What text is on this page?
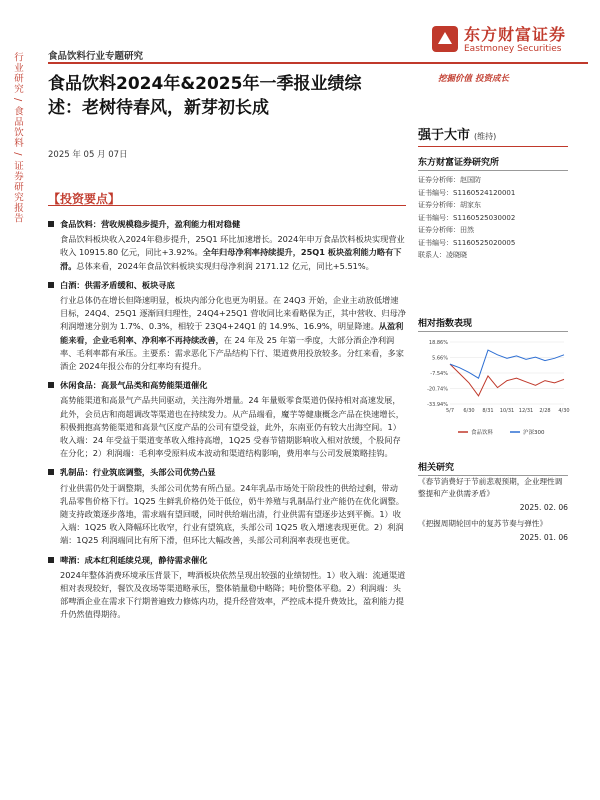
行业研究 / 食品饮料 / 证券研究报告	食品饮料行业专题研究
东方财富证券
Eastmoney Securities
挖掘价值 投资成长
食品饮料2024年&2025年一季报业绩综述：老树待春风，新芽初长成
2025 年 05 月 07日
【投资要点】
食品饮料：营收规模稳步提升，盈利能力相对稳健
食品饮料板块收入2024年稳步提升，25Q1 环比加速增长。2024年申万食品饮料板块实现营业收入 10915.80 亿元，同比+3.92%。全年归母净利率持续提升，25Q1 板块盈利能力略有下滑。总体来看，2024年食品饮料板块实现归母净利润 2171.12 亿元，同比+5.51%。
白酒：供需矛盾缓和、板块寻底
行业总体仍在增长但降速明显，板块内部分化也更为明显。在 24Q3 开始，企业主动放低增速目标，24Q4、25Q1 逐渐回归理性，24Q4+25Q1 营收同比来看略保为正，其中营收、归母净利润增速分别为 1.7%、0.3%，相较于 23Q4+24Q1 的 14.9%、16.9%，明显降速。从盈利能来看，企业毛利率、净利率不再持续改善，在 24 年及 25 年第一季度，大部分酒企净利润率、毛利率都有承压。主要系：需求恶化下产品结构下行、渠道费用投放较多。分红来看，多家酒企 2024年报公布的分红率均有提升。
休闲食品：高景气品类和高势能渠道催化
高势能渠道和高景气产品共同驱动，关注海外增量。24 年量贩零食渠道仍保持相对高速发展，此外，会员店和商超调改等渠道也在持续发力。从产品端看，魔芋等健康概念产品在快速增长，积极拥抱高势能渠道和高景气区度产品的公司有望受益，此外，东南亚仍有较大出海空间。1）收入端：24 年受益于渠道变革收入维持高增，1Q25 受春节错期影响收入相对放缓，个股间存在分化；2）利润端：毛利率受原料成本波动和渠道结构影响，费用率与公司发展策略挂钩。
乳制品：行业筑底调整，头部公司优势凸显
行业供需仍处于调整期，头部公司优势有所凸显。24年乳品市场处于阶段性的供给过剩，带动乳品零售价格下行。1Q25 生鲜乳价格仍处于低位，奶牛养殖与乳制品行业产能仍在优化调整。随支持政策逐步落地，需求端有望回暖，同时供给端出清，行业供需有望逐步达到平衡。1）收入端：1Q25 收入降幅环比收窄，行业有望筑底，头部公司 1Q25 收入增速表现更优。2）利润端：1Q25 利润端同比有所下滑，但环比大幅改善，头部公司利润率表现也更优。
啤酒：成本红利延续兑现，静待需求催化
2024年整体消费环境承压背景下，啤酒板块依然呈现出较强的业绩韧性。1）收入端：流通渠道相对表现较好，餐饮及夜场等渠道略承压，整体销量稳中略降；吨价整体平稳。2）利润端：头部啤酒企业在需求下行期普遍致力修炼内功，提升经营效率，严控成本提升费效比，盈利能力提升仍然值得期待。
强于大市 (维持)
东方财富证券研究所
证券分析师：赵国防
证书编号：S1160524120001
证券分析师：胡家东
证书编号：S1160525030002
证券分析师：田然
证书编号：S1160525020005
联系人：凌晓晓
相对指数表现
18.86%
5.66%
-7.54%
-20.74%
-33.94%
5/7 6/30 8/31 10/31 12/31 2/28 4/30
食品饮料	沪深300
相关研究
《春节消费好于节前悲观预期，企业理性调整提和产业供需矛盾》
2025. 02. 06
《把握周期轮回中的复苏节奏与弹性》
2025. 01. 06
